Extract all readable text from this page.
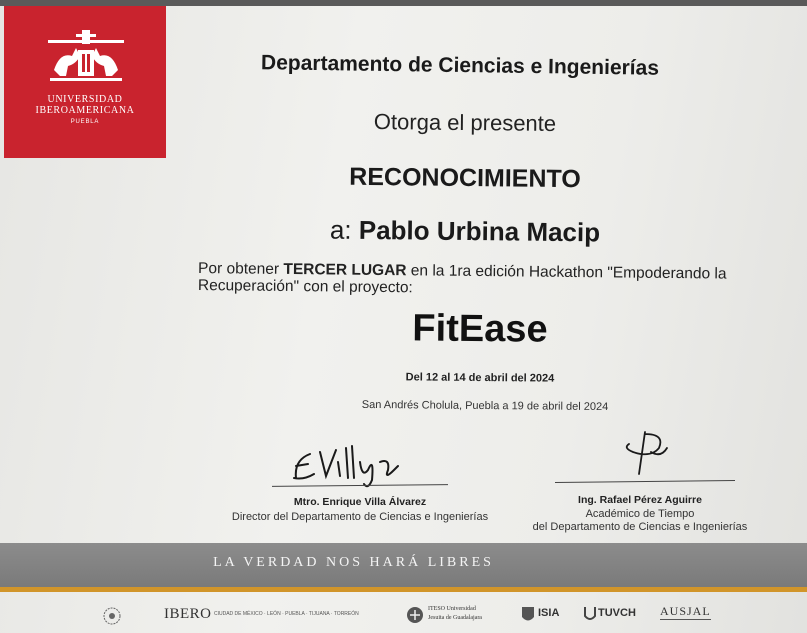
UNIVERSIDAD
IBEROAMERICANA
PUEBLA
Departamento de Ciencias e Ingenierías
Otorga el presente
RECONOCIMIENTO
a: Pablo Urbina Macip
Por obtener TERCER LUGAR en la 1ra edición Hackathon "Empoderando la Recuperación" con el proyecto:
FitEase
Del 12 al 14 de abril del 2024
San Andrés Cholula, Puebla a 19 de abril del 2024
Mtro. Enrique Villa Álvarez
Director del Departamento de Ciencias e Ingenierías
Ing. Rafael Pérez Aguirre
Académico de Tiempo
del Departamento de Ciencias e Ingenierías
LA VERDAD NOS HARÁ LIBRES
IBERO CIUDAD DE MÉXICO · LEÓN · PUEBLA · TIJUANA · TORREÓN
ITESO Universidad
Jesuita de Guadalajara	ISIA	TUVCH AUSJAL
